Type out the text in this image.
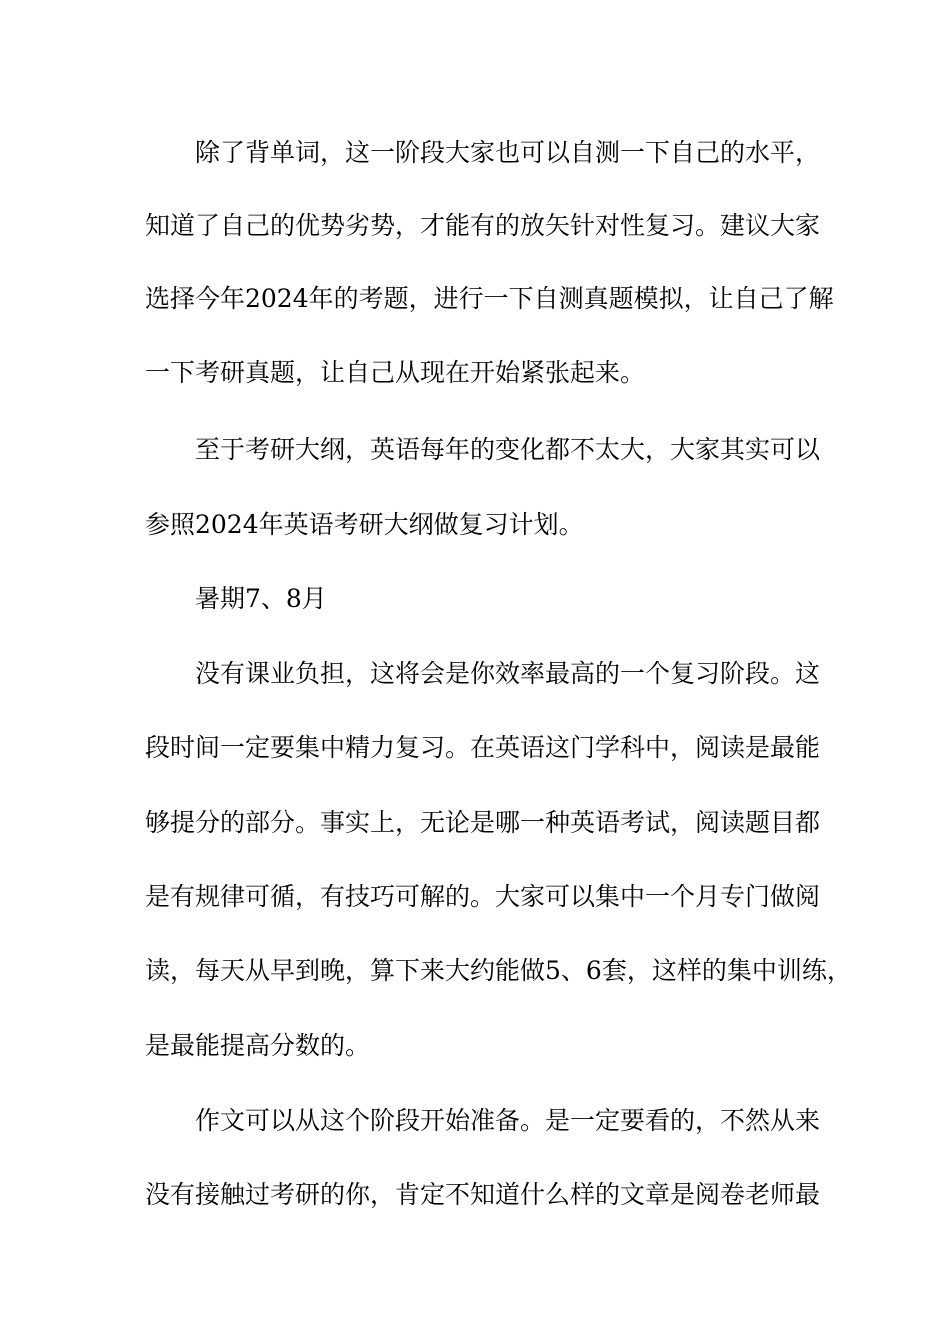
除了背单词，这一阶段大家也可以自测一下自己的水平，
知道了自己的优势劣势，才能有的放矢针对性复习。建议大家
选择今年2024年的考题，进行一下自测真题模拟，让自己了解
一下考研真题，让自己从现在开始紧张起来。
至于考研大纲，英语每年的变化都不太大，大家其实可以
参照2024年英语考研大纲做复习计划。
暑期7、8月
没有课业负担，这将会是你效率最高的一个复习阶段。这
段时间一定要集中精力复习。在英语这门学科中，阅读是最能
够提分的部分。事实上，无论是哪一种英语考试，阅读题目都
是有规律可循，有技巧可解的。大家可以集中一个月专门做阅
读，每天从早到晚，算下来大约能做5、6套，这样的集中训练，
是最能提高分数的。
作文可以从这个阶段开始准备。是一定要看的，不然从来
没有接触过考研的你，肯定不知道什么样的文章是阅卷老师最
